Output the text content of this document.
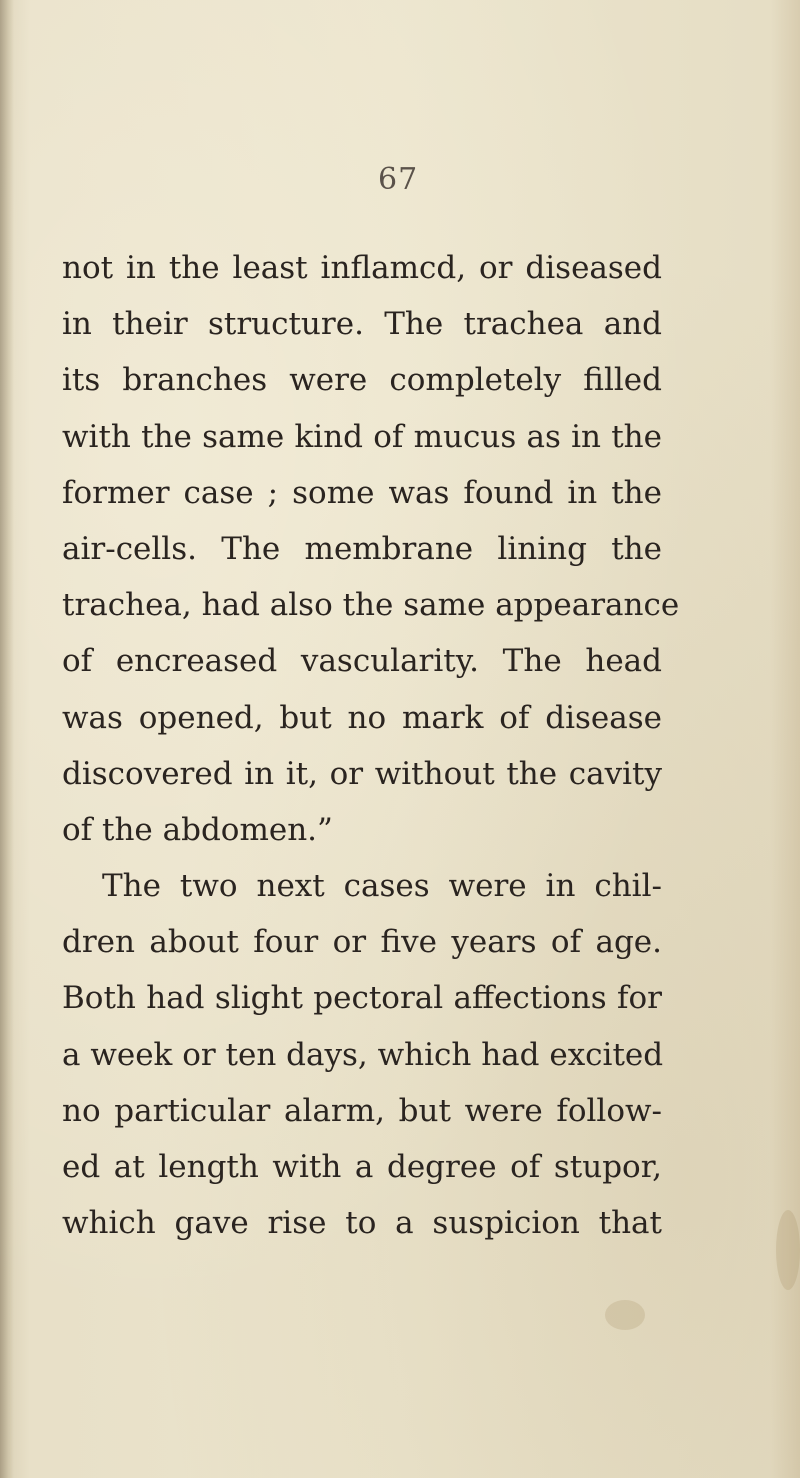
67
not in the least inflamcd, or diseased
in their structure. The trachea and
its branches were completely filled
with the same kind of mucus as in the
former case ; some was found in the
air-cells. The membrane lining the
trachea, had also the same appearance
of encreased vascularity. The head
was opened, but no mark of disease
discovered in it, or without the cavity
of the abdomen.”
The two next cases were in chil-
dren about four or five years of age.
Both had slight pectoral affections for
a week or ten days, which had excited
no particular alarm, but were follow-
ed at length with a degree of stupor,
which gave rise to a suspicion that
